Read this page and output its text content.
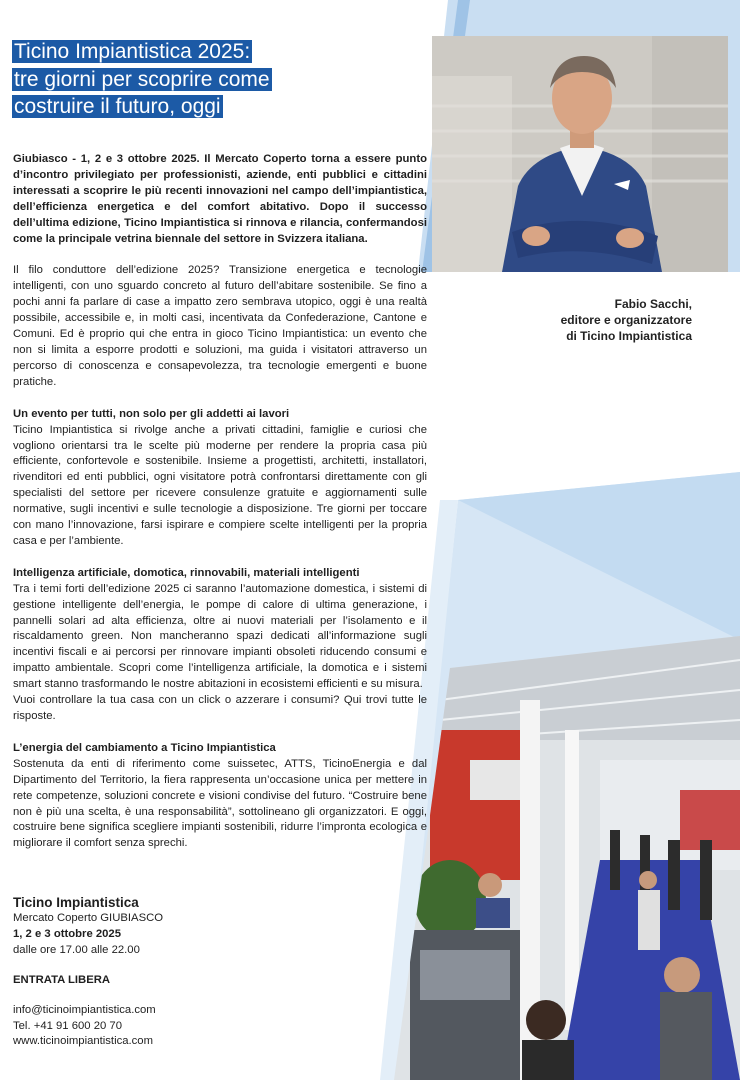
Fabio Sacchi,
editore e organizzatore
di Ticino Impiantistica
Ticino Impiantistica 2025:
tre giorni per scoprire come
costruire il futuro, oggi

Giubiasco - 1, 2 e 3 ottobre 2025. Il Mercato Coperto torna a essere punto d’incontro privilegiato per professionisti, aziende, enti pubblici e cittadini interessati a scoprire le più recenti innovazioni nel campo dell’impiantistica, dell’efficienza energetica e del comfort abitativo. Dopo il successo dell’ultima edizione, Ticino Impiantistica si rinnova e rilancia, confermandosi come la principale vetrina biennale del settore in Svizzera italiana.

Il filo conduttore dell’edizione 2025? Transizione energetica e tecnologie intelligenti, con uno sguardo concreto al futuro dell’abitare sostenibile. Se fino a pochi anni fa parlare di case a impatto zero sembrava utopico, oggi è una realtà possibile, accessibile e, in molti casi, incentivata da Confederazione, Cantone e Comuni. Ed è proprio qui che entra in gioco Ticino Impiantistica: un evento che non si limita a esporre prodotti e soluzioni, ma guida i visitatori attraverso un percorso di conoscenza e consapevolezza, tra tecnologie emergenti e buone pratiche.

Un evento per tutti, non solo per gli addetti ai lavori

Ticino Impiantistica si rivolge anche a privati cittadini, famiglie e curiosi che vogliono orientarsi tra le scelte più moderne per rendere la propria casa più efficiente, confortevole e sostenibile. Insieme a progettisti, architetti, installatori, rivenditori ed enti pubblici, ogni visitatore potrà confrontarsi direttamente con gli specialisti del settore per ricevere consulenze gratuite e aggiornamenti sulle normative, sugli incentivi e sulle tecnologie a disposizione. Tre giorni per toccare con mano l’innovazione, farsi ispirare e compiere scelte intelligenti per la propria casa e per l’ambiente.

Intelligenza artificiale, domotica, rinnovabili, materiali intelligenti

Tra i temi forti dell’edizione 2025 ci saranno l’automazione domestica, i sistemi di gestione intelligente dell’energia, le pompe di calore di ultima generazione, i pannelli solari ad alta efficienza, oltre ai nuovi materiali per l’isolamento e il riscaldamento green. Non mancheranno spazi dedicati all’informazione sugli incentivi fiscali e ai percorsi per rinnovare impianti obsoleti riducendo consumi e impatto ambientale. Scopri come l’intelligenza artificiale, la domotica e i sistemi smart stanno trasformando le nostre abitazioni in ecosistemi efficienti e su misura.

Vuoi controllare la tua casa con un click o azzerare i consumi? Qui trovi tutte le risposte.

L’energia del cambiamento a Ticino Impiantistica

Sostenuta da enti di riferimento come suissetec, ATTS, TicinoEnergia e dal Dipartimento del Territorio, la fiera rappresenta un’occasione unica per mettere in rete competenze, soluzioni concrete e visioni condivise del futuro. “Costruire bene non è più una scelta, è una responsabilità”, sottolineano gli organizzatori. E oggi, costruire bene significa scegliere impianti sostenibili, ridurre l’impronta ecologica e migliorare il comfort senza sprechi.

Ticino Impiantistica
Mercato Coperto GIUBIASCO
1, 2 e 3 ottobre 2025
dalle ore 17.00 alle 22.00
ENTRATA LIBERA
info@ticinoimpiantistica.com
Tel. +41 91 600 20 70
www.ticinoimpiantistica.com
